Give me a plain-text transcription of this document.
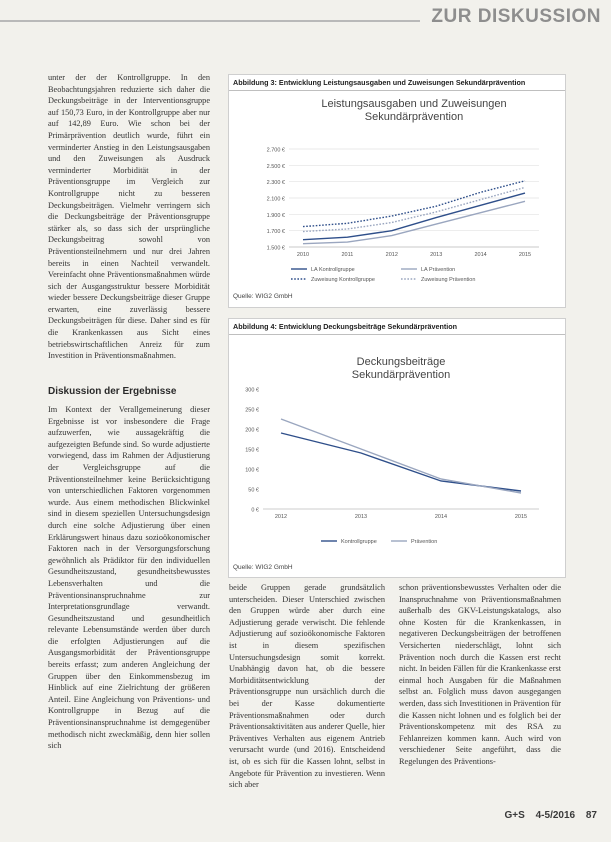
ZUR DISKUSSION

unter der der Kontrollgruppe. In den Beobachtungsjahren reduzierte sich daher die Deckungsbeiträge in der Interventionsgruppe auf 150,73 Euro, in der Kontrollgruppe aber nur auf 142,89 Euro. Wie schon bei der Primärprävention deutlich wurde, führt ein verminderter Anstieg in den Leistungsausgaben und den Zuweisungen als Ausdruck verminderter Morbidität in der Präventionsgruppe im Vergleich zur Kontrollgruppe nicht zu besseren Deckungsbeiträgen. Vielmehr verringern sich die Deckungsbeiträge der Präventionsgruppe stärker als, so dass sich der ursprüngliche Deckungsbeitrag sowohl von Präventionsteilnehmern und nur drei Jahren bereits in einen Nachteil verwandelt. Vereinfacht ohne Präventionsmaßnahmen würde sich der Ausgangsstruktur bessere Morbidität wieder bessere Deckungsbeiträge dieser Gruppe erwarten, eine zuverlässig bessere Deckungsbeiträgen für diese. Daher sind es für die Krankenkassen aus Sicht eines betriebswirtschaftlichen Anreiz für zum Investition in Präventionsmaßnahmen.

Diskussion der Ergebnisse

Im Kontext der Verallgemeinerung dieser Ergebnisse ist vor insbesondere die Frage aufzuwerfen, wie aussagekräftig die aufgezeigten Befunde sind. So wurde adjustierte vorwiegend, dass im Rahmen der Adjustierung der Vergleichsgruppe auf die Präventionsteilnehmer keine Berücksichtigung von unterschiedlichen Faktoren vorgenommen wurde. Aus einem methodischen Blickwinkel sind in diesem speziellen Untersuchungsdesign durch eine solche Adjustierung über einen Erklärungswert hinaus dazu sozioökonomischer Faktoren nach in der Versorgungsforschung gewöhnlich als Prädiktor für den individuellen Gesundheitszustand, gesundheitsbewusstes Lebensverhalten und die Präventionsinanspruchnahme zur Interpretationsgrundlage verwandt. Gesundheitszustand und gesundheitlich relevante Lebensumstände werden über durch die erfolgten Adjustierungen auf die Ausgangsmorbidität der Präventionsgruppe bereits erfasst; zum anderen Angleichung der Gruppen über den Einkommensbezug im Hinblick auf eine Zielrichtung der größeren Anteil. Eine Angleichung von Präventions- und Kontrollgruppe in Bezug auf die Präventionsinanspruchnahme ist demgegenüber methodisch nicht zweckmäßig, denn hier sollen sich

Abbildung 3: Entwicklung Leistungsausgaben und Zuweisungen Sekundärprävention
Leistungsausgaben und Zuweisungen
Sekundärprävention
1.500 €
1.700 €
1.900 €
2.100 €
2.300 €
2.500 €
2.700 €
2010	2011	2012	2013	2014	2015
LA Kontrollgruppe	LA Prävention
Zuweisung Kontrollgruppe	Zuweisung Prävention
Quelle: WIG2 GmbH
Abbildung 4: Entwicklung Deckungsbeiträge Sekundärprävention
Deckungsbeiträge
Sekundärprävention
0 €
50 €
100 €
150 €
200 €
250 €
300 €
2012	2013	2014	2015
Kontrollgruppe	Prävention
Quelle: WIG2 GmbH

beide Gruppen gerade grundsätzlich unterscheiden. Dieser Unterschied zwischen den Gruppen würde aber durch eine Adjustierung gerade verwischt. Die fehlende Adjustierung auf sozioökonomische Faktoren ist in diesem spezifischen Untersuchungsdesign somit korrekt. Unabhängig davon hat, ob die bessere Morbiditätsentwicklung der Präventionsgruppe nun ursächlich durch die bei der Kasse dokumentierte Präventionsmaßnahmen oder durch Präventionsaktivitäten aus anderer Quelle, hier Präventives Verhalten aus eigenem Antrieb verursacht wurde (und 2016). Entscheidend ist, ob es sich für die Kassen lohnt, selbst in Angebote für Prävention zu investieren. Wenn sich aber

schon präventionsbewusstes Verhalten oder die Inanspruchnahme von Präventionsmaßnahmen außerhalb des GKV-Leistungskatalogs, also ohne Kosten für die Krankenkassen, in negativeren Deckungsbeiträgen der betroffenen Versicherten niederschlägt, lohnt sich Prävention noch durch die Kassen erst recht nicht. In beiden Fällen für die Krankenkasse erst einmal hoch Ausgaben für die Maßnahmen selbst an. Folglich muss davon ausgegangen werden, dass sich Investitionen in Prävention für die Kassen nicht lohnen und es folglich bei der Präventionskompetenz mit des RSA zu Fehlanreizen kommen kann. Auch wird von verschiedener Seite angeführt, dass die Regelungen des Präventions-

G+S 4-5/2016 87
